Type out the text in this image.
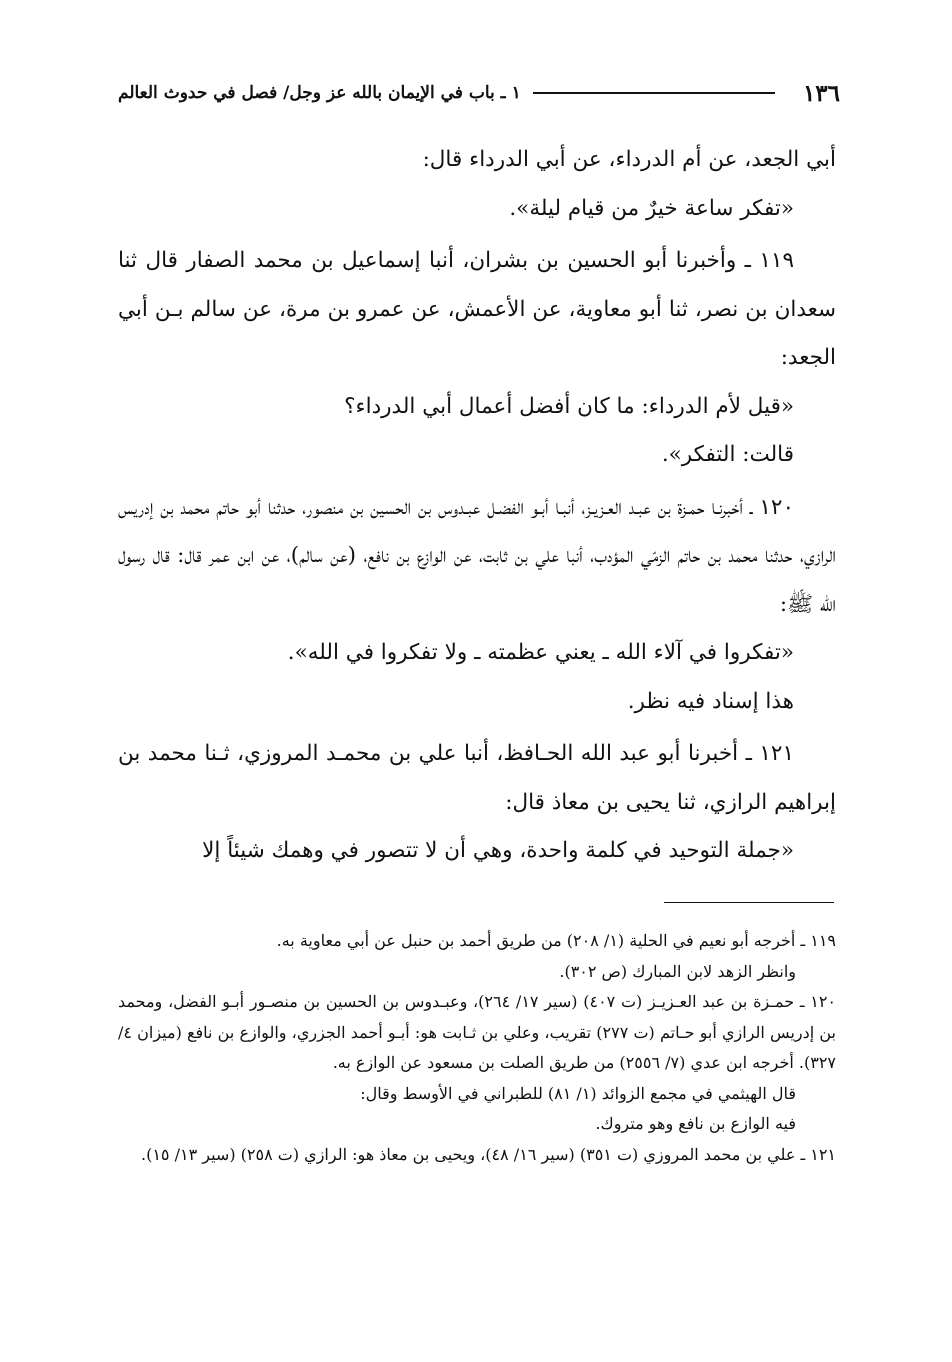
١٣٦
١ ـ باب في الإيمان بالله عز وجل/ فصل في حدوث العالم

أبي الجعد، عن أم الدرداء، عن أبي الدرداء قال:

«تفكر ساعة خيرٌ من قيام ليلة».

١١٩ ـ وأخبرنا أبو الحسين بن بشران، أنبا إسماعيل بن محمد الصفار قال ثنا سعدان بن نصر، ثنا أبو معاوية، عن الأعمش، عن عمرو بن مرة، عن سالم بـن أبي الجعد:

«قيل لأم الدرداء: ما كان أفضل أعمال أبي الدرداء؟

قالت: التفكر».

١٢٠ ـ أخبرنـا حمـزة بن عبـد العـزيـز، أنبـا أبـو الفضـل عبـدوس بن الحسين بن منصور، حدثنا أبو حاتم محمد بن إدريس الرازي، حدثنا محمد بن حاتم الزمّي المؤدب، أنبا علي بن ثابت، عن الوازع بن نافع، (عن سالم)، عن ابن عمر قال: قال رسول الله ﷺ:

«تفكروا في آلاء الله ـ يعني عظمته ـ ولا تفكروا في الله».

هذا إسناد فيه نظر.

١٢١ ـ أخبرنا أبو عبد الله الحـافظ، أنبا علي بن محمـد المروزي، ثـنا محمد بن إبراهيم الرازي، ثنا يحيى بن معاذ قال:

«جملة التوحيد في كلمة واحدة، وهي أن لا تتصور في وهمك شيئاً إلا

١١٩ ـ أخرجه أبو نعيم في الحلية (١/ ٢٠٨) من طريق أحمد بن حنبل عن أبي معاوية به.

وانظر الزهد لابن المبارك (ص ٣٠٢).

١٢٠ ـ حمـزة بن عبد العـزيـز (ت ٤٠٧) (سير ١٧/ ٢٦٤)، وعبـدوس بن الحسين بن منصـور أبـو الفضل، ومحمد بن إدريس الرازي أبو حـاتم (ت ٢٧٧) تقريب، وعلي بن ثـابت هو: أبـو أحمد الجزري، والوازع بن نافع (ميزان ٤/ ٣٢٧). أخرجه ابن عدي (٧/ ٢٥٥٦) من طريق الصلت بن مسعود عن الوازع به.

قال الهيثمي في مجمع الزوائد (١/ ٨١) للطبراني في الأوسط وقال:

فيه الوازع بن نافع وهو متروك.

١٢١ ـ علي بن محمد المروزي (ت ٣٥١) (سير ١٦/ ٤٨)، ويحيى بن معاذ هو: الرازي (ت ٢٥٨) (سير ١٣/ ١٥).
